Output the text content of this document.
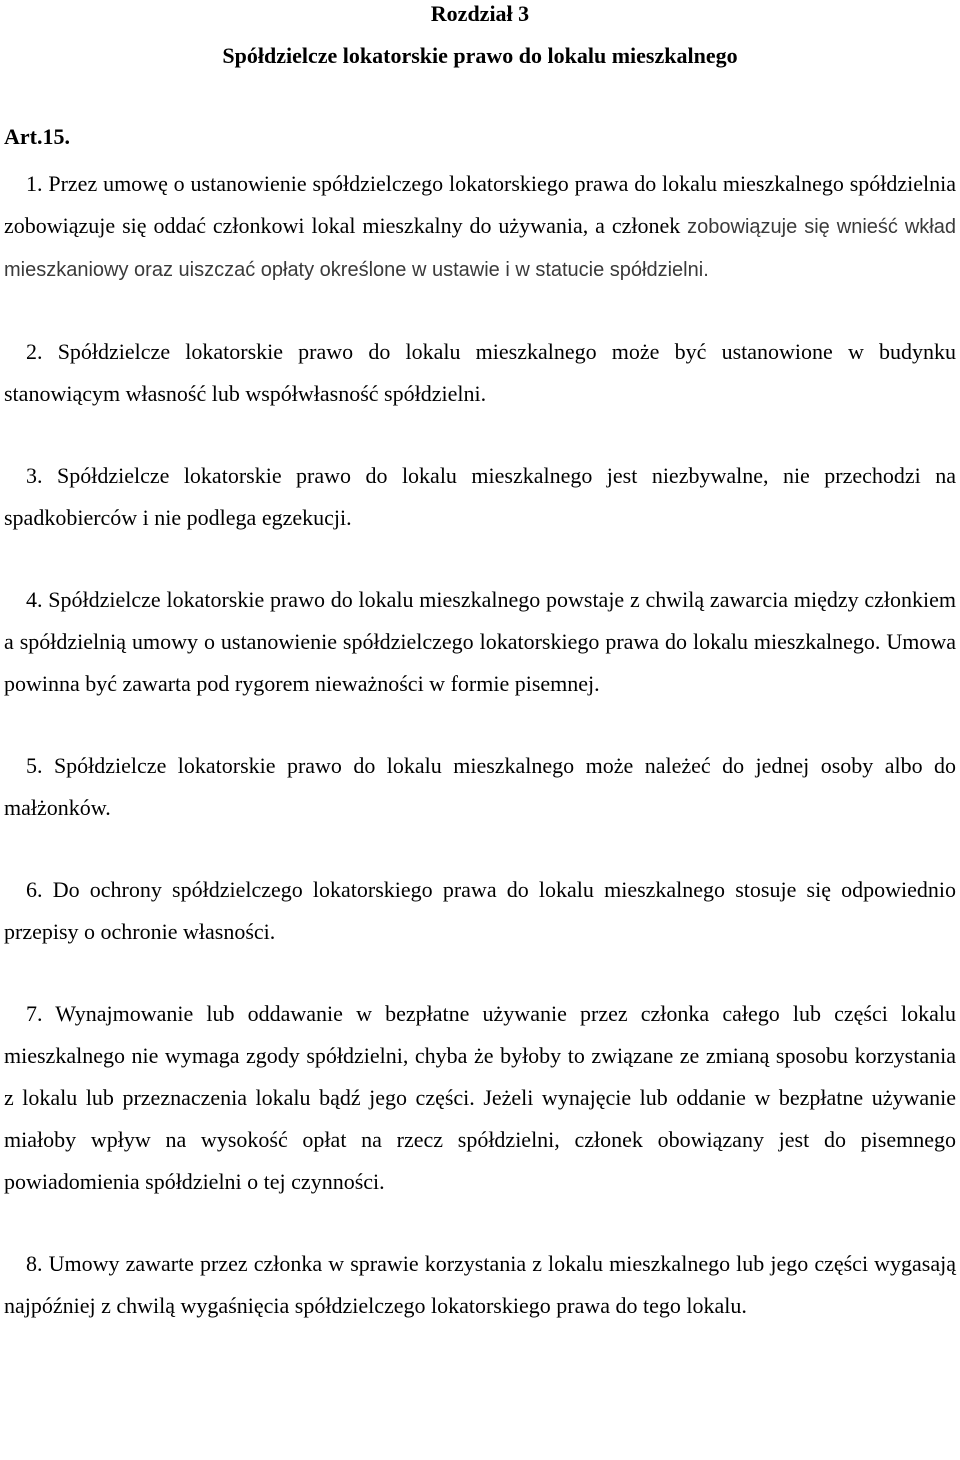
Rozdział 3
Spółdzielcze lokatorskie prawo do lokalu mieszkalnego

Art.15.

1. Przez umowę o ustanowienie spółdzielczego lokatorskiego prawa do lokalu mieszkalnego spółdzielnia zobowiązuje się oddać członkowi lokal mieszkalny do używania, a członek zobowiązuje się wnieść wkład mieszkaniowy oraz uiszczać opłaty określone w ustawie i w statucie spółdzielni.

2. Spółdzielcze lokatorskie prawo do lokalu mieszkalnego może być ustanowione w budynku stanowiącym własność lub współwłasność spółdzielni.

3. Spółdzielcze lokatorskie prawo do lokalu mieszkalnego jest niezbywalne, nie przechodzi na spadkobierców i nie podlega egzekucji.

4. Spółdzielcze lokatorskie prawo do lokalu mieszkalnego powstaje z chwilą zawarcia między członkiem a spółdzielnią umowy o ustanowienie spółdzielczego lokatorskiego prawa do lokalu mieszkalnego. Umowa powinna być zawarta pod rygorem nieważności w formie pisemnej.

5. Spółdzielcze lokatorskie prawo do lokalu mieszkalnego może należeć do jednej osoby albo do małżonków.

6. Do ochrony spółdzielczego lokatorskiego prawa do lokalu mieszkalnego stosuje się odpowiednio przepisy o ochronie własności.

7. Wynajmowanie lub oddawanie w bezpłatne używanie przez członka całego lub części lokalu mieszkalnego nie wymaga zgody spółdzielni, chyba że byłoby to związane ze zmianą sposobu korzystania z lokalu lub przeznaczenia lokalu bądź jego części. Jeżeli wynajęcie lub oddanie w bezpłatne używanie miałoby wpływ na wysokość opłat na rzecz spółdzielni, członek obowiązany jest do pisemnego powiadomienia spółdzielni o tej czynności.

8. Umowy zawarte przez członka w sprawie korzystania z lokalu mieszkalnego lub jego części wygasają najpóźniej z chwilą wygaśnięcia spółdzielczego lokatorskiego prawa do tego lokalu.
